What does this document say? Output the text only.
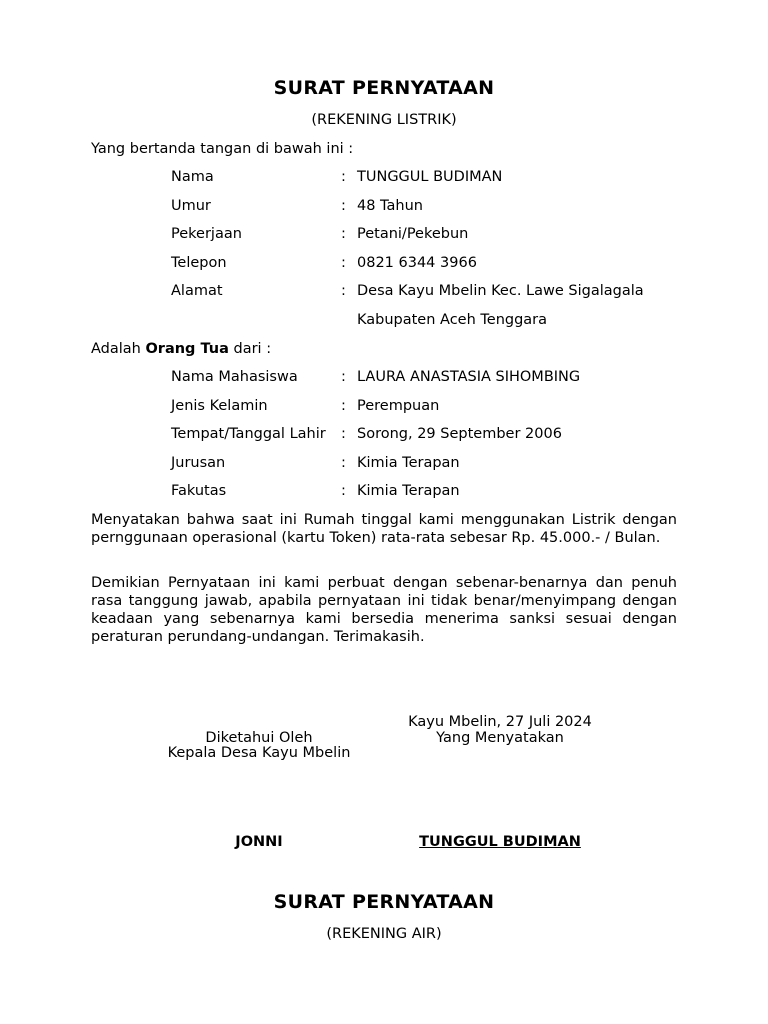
SURAT PERNYATAAN
(REKENING LISTRIK)
Yang bertanda tangan di bawah ini :
Nama	: TUNGGUL BUDIMAN
Umur	: 48 Tahun
Pekerjaan	: Petani/Pekebun
Telepon	: 0821 6344 3966
Alamat	: Desa Kayu Mbelin Kec. Lawe Sigalagala
Kabupaten Aceh Tenggara
Adalah Orang Tua dari :
Nama Mahasiswa	: LAURA ANASTASIA SIHOMBING
Jenis Kelamin	: Perempuan
Tempat/Tanggal Lahir : Sorong, 29 September 2006
Jurusan	: Kimia Terapan
Fakutas	: Kimia Terapan
Menyatakan bahwa saat ini Rumah tinggal kami menggunakan Listrik dengan pernggunaan operasional (kartu Token) rata-rata sebesar Rp. 45.000.- / Bulan.
Demikian Pernyataan ini kami perbuat dengan sebenar-benarnya dan penuh rasa tanggung jawab, apabila pernyataan ini tidak benar/menyimpang dengan keadaan yang sebenarnya kami bersedia menerima sanksi sesuai dengan peraturan perundang-undangan. Terimakasih.
Kayu Mbelin, 27 Juli 2024
Yang Menyatakan
Diketahui Oleh
Kepala Desa Kayu Mbelin
JONNI	TUNGGUL BUDIMAN
SURAT PERNYATAAN
(REKENING AIR)
